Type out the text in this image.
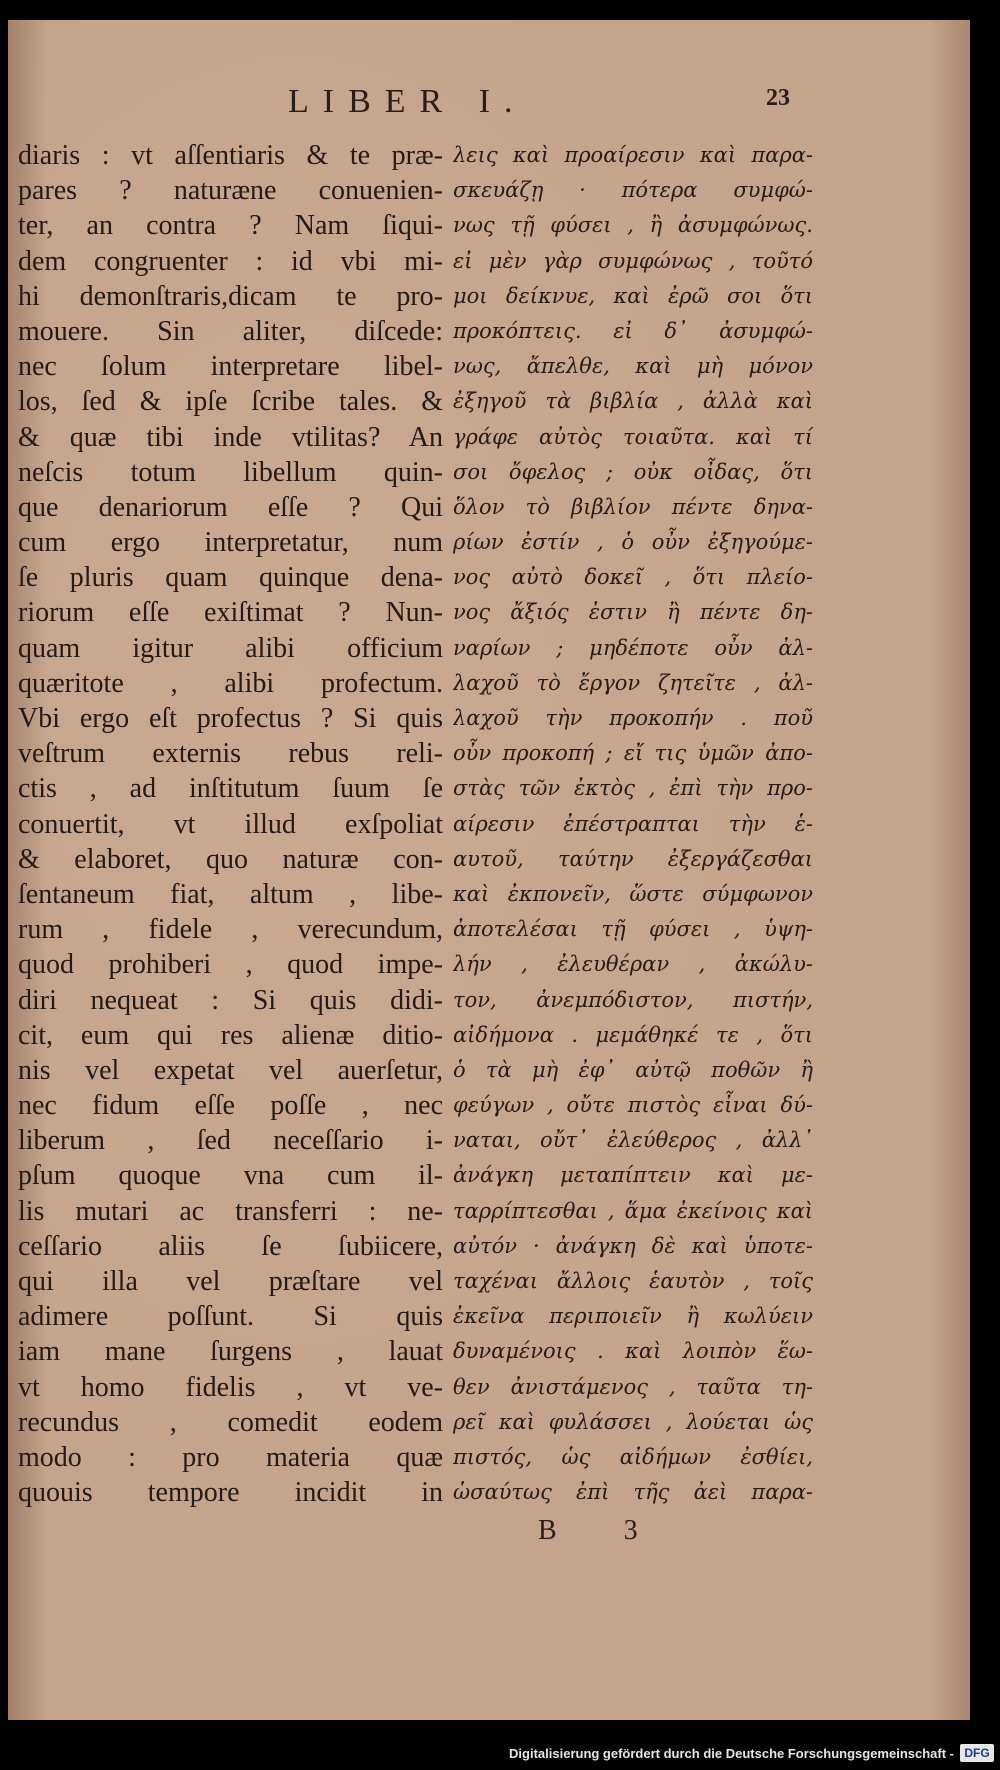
LIBER I.	23
diaris : vt aſſentiaris & te præ-
pares ? naturæne conuenien-
ter, an contra ? Nam ſiqui-
dem congruenter : id vbi mi-
hi demonſtraris,dicam te pro-
mouere. Sin aliter, diſcede:
nec ſolum interpretare libel-
los, ſed & ipſe ſcribe tales. &
& quæ tibi inde vtilitas? An
neſcis totum libellum quin-
que denariorum eſſe ? Qui
cum ergo interpretatur, num
ſe pluris quam quinque dena-
riorum eſſe exiſtimat ? Nun-
quam igitur alibi officium
quæritote , alibi profectum.
Vbi ergo eſt profectus ? Si quis
veſtrum externis rebus reli-
ctis , ad inſtitutum ſuum ſe
conuertit, vt illud exſpoliat
& elaboret, quo naturæ con-
ſentaneum fiat, altum , libe-
rum , fidele , verecundum,
quod prohiberi , quod impe-
diri nequeat : Si quis didi-
cit, eum qui res alienæ ditio-
nis vel expetat vel auerſetur,
nec fidum eſſe poſſe , nec
liberum , ſed neceſſario i-
pſum quoque vna cum il-
lis mutari ac transferri : ne-
ceſſario aliis ſe ſubiicere,
qui illa vel præſtare vel
adimere poſſunt. Si quis
iam mane ſurgens , lauat
vt homo fidelis , vt ve-
recundus , comedit eodem
modo : pro materia quæ
quouis tempore incidit in
λεις καὶ προαίρεσιν καὶ παρα-
σκευάζῃ · πότερα συμφώ-
νως τῇ φύσει , ἢ ἀσυμφώνως.
εἰ μὲν γὰρ συμφώνως , τοῦτό
μοι δείκνυε, καὶ ἐρῶ σοι ὅτι
προκόπτεις. εἰ δ᾽ ἀσυμφώ-
νως, ἄπελθε, καὶ μὴ μόνον
ἐξηγοῦ τὰ βιβλία , ἀλλὰ καὶ
γράφε αὐτὸς τοιαῦτα. καὶ τί
σοι ὄφελος ; οὐκ οἶδας, ὅτι
ὅλον τὸ βιβλίον πέντε δηνα-
ρίων ἐστίν , ὁ οὖν ἐξηγούμε-
νος αὐτὸ δοκεῖ , ὅτι πλείο-
νος ἄξιός ἐστιν ἢ πέντε δη-
ναρίων ; μηδέποτε οὖν ἀλ-
λαχοῦ τὸ ἔργον ζητεῖτε , ἀλ-
λαχοῦ τὴν προκοπήν . ποῦ
οὖν προκοπή ; εἴ τις ὑμῶν ἀπο-
στὰς τῶν ἐκτὸς , ἐπὶ τὴν προ-
αίρεσιν ἐπέστραπται τὴν ἑ-
αυτοῦ, ταύτην ἐξεργάζεσθαι
καὶ ἐκπονεῖν, ὥστε σύμφωνον
ἀποτελέσαι τῇ φύσει , ὑψη-
λήν , ἐλευθέραν , ἀκώλυ-
τον, ἀνεμπόδιστον, πιστήν,
αἰδήμονα . μεμάθηκέ τε , ὅτι
ὁ τὰ μὴ ἐφ᾽ αὐτῷ ποθῶν ἢ
φεύγων , οὔτε πιστὸς εἶναι δύ-
ναται, οὔτ᾽ ἐλεύθερος , ἀλλ᾽
ἀνάγκη μεταπίπτειν καὶ με-
ταρρίπτεσθαι , ἅμα ἐκείνοις καὶ
αὐτόν · ἀνάγκη δὲ καὶ ὑποτε-
ταχέναι ἄλλοις ἑαυτὸν , τοῖς
ἐκεῖνα περιποιεῖν ἢ κωλύειν
δυναμένοις . καὶ λοιπὸν ἕω-
θεν ἀνιστάμενος , ταῦτα τη-
ρεῖ καὶ φυλάσσει , λούεται ὡς
πιστός, ὡς αἰδήμων ἐσθίει,
ὡσαύτως ἐπὶ τῆς ἀεὶ παρα-
B 3
Digitalisierung gefördert durch die Deutsche Forschungsgemeinschaft - DFG
